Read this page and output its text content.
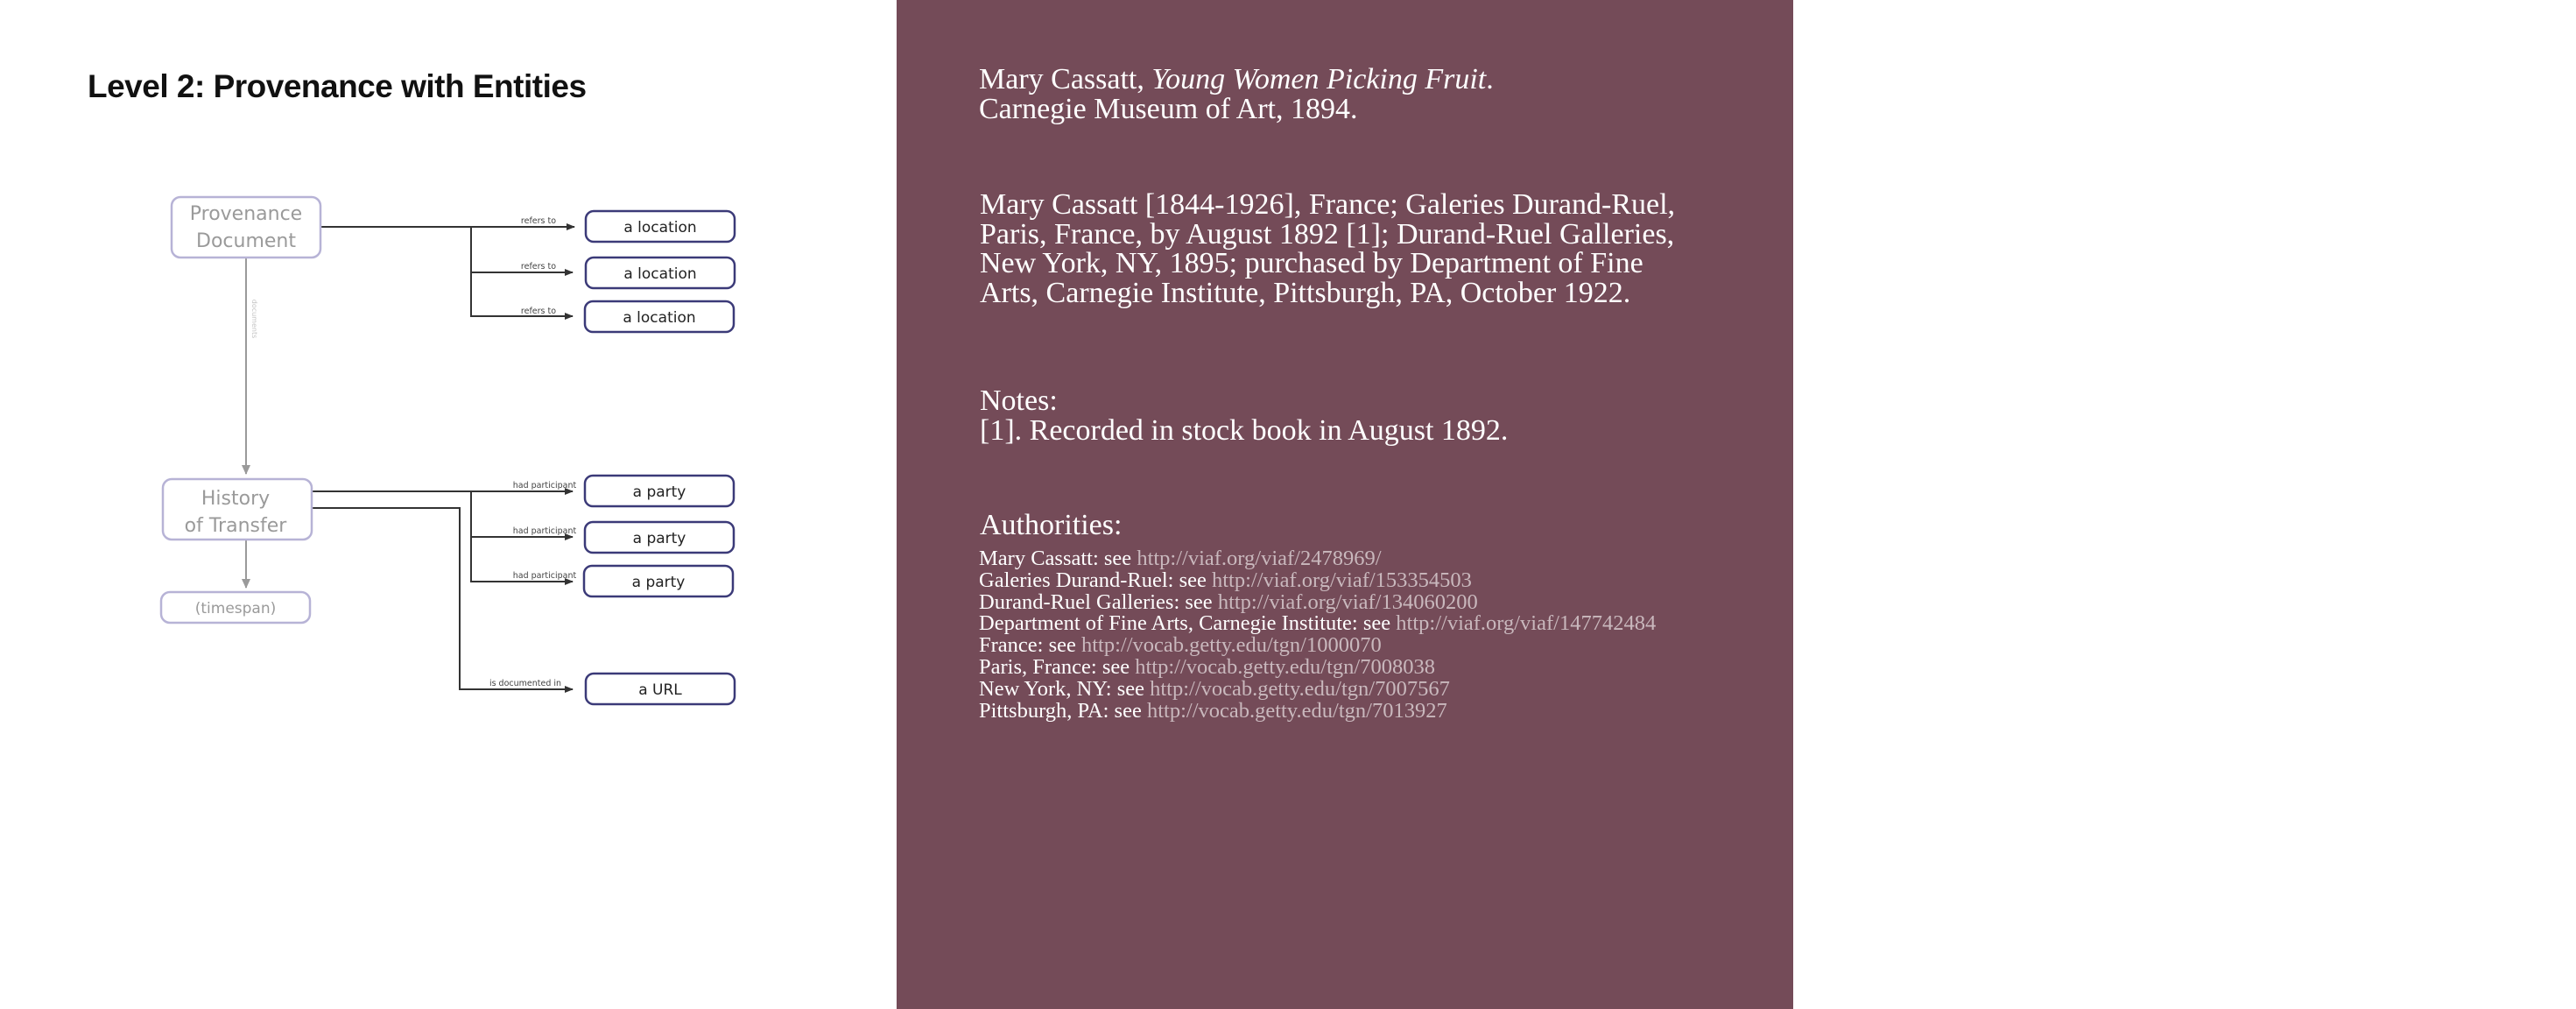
Level 2: Provenance with Entities
refers to
refers to
refers to
had participant
had participant
had participant
is documented in
documents
Provenance
Document
History
of Transfer
(timespan)
a location
a location
a location
a party
a party
a party
a URL
Mary Cassatt, Young Women Picking Fruit.
Carnegie Museum of Art, 1894.
Mary Cassatt [1844-1926], France; Galeries Durand-Ruel,
Paris, France, by August 1892 [1]; Durand-Ruel Galleries,
New York, NY, 1895; purchased by Department of Fine
Arts, Carnegie Institute, Pittsburgh, PA, October 1922.
Notes:
[1]. Recorded in stock book in August 1892.
Authorities:
Mary Cassatt: see http://viaf.org/viaf/2478969/
Galeries Durand-Ruel: see http://viaf.org/viaf/153354503
Durand-Ruel Galleries: see http://viaf.org/viaf/134060200
Department of Fine Arts, Carnegie Institute: see http://viaf.org/viaf/147742484
France: see http://vocab.getty.edu/tgn/1000070
Paris, France: see http://vocab.getty.edu/tgn/7008038
New York, NY: see http://vocab.getty.edu/tgn/7007567
Pittsburgh, PA: see http://vocab.getty.edu/tgn/7013927
65
